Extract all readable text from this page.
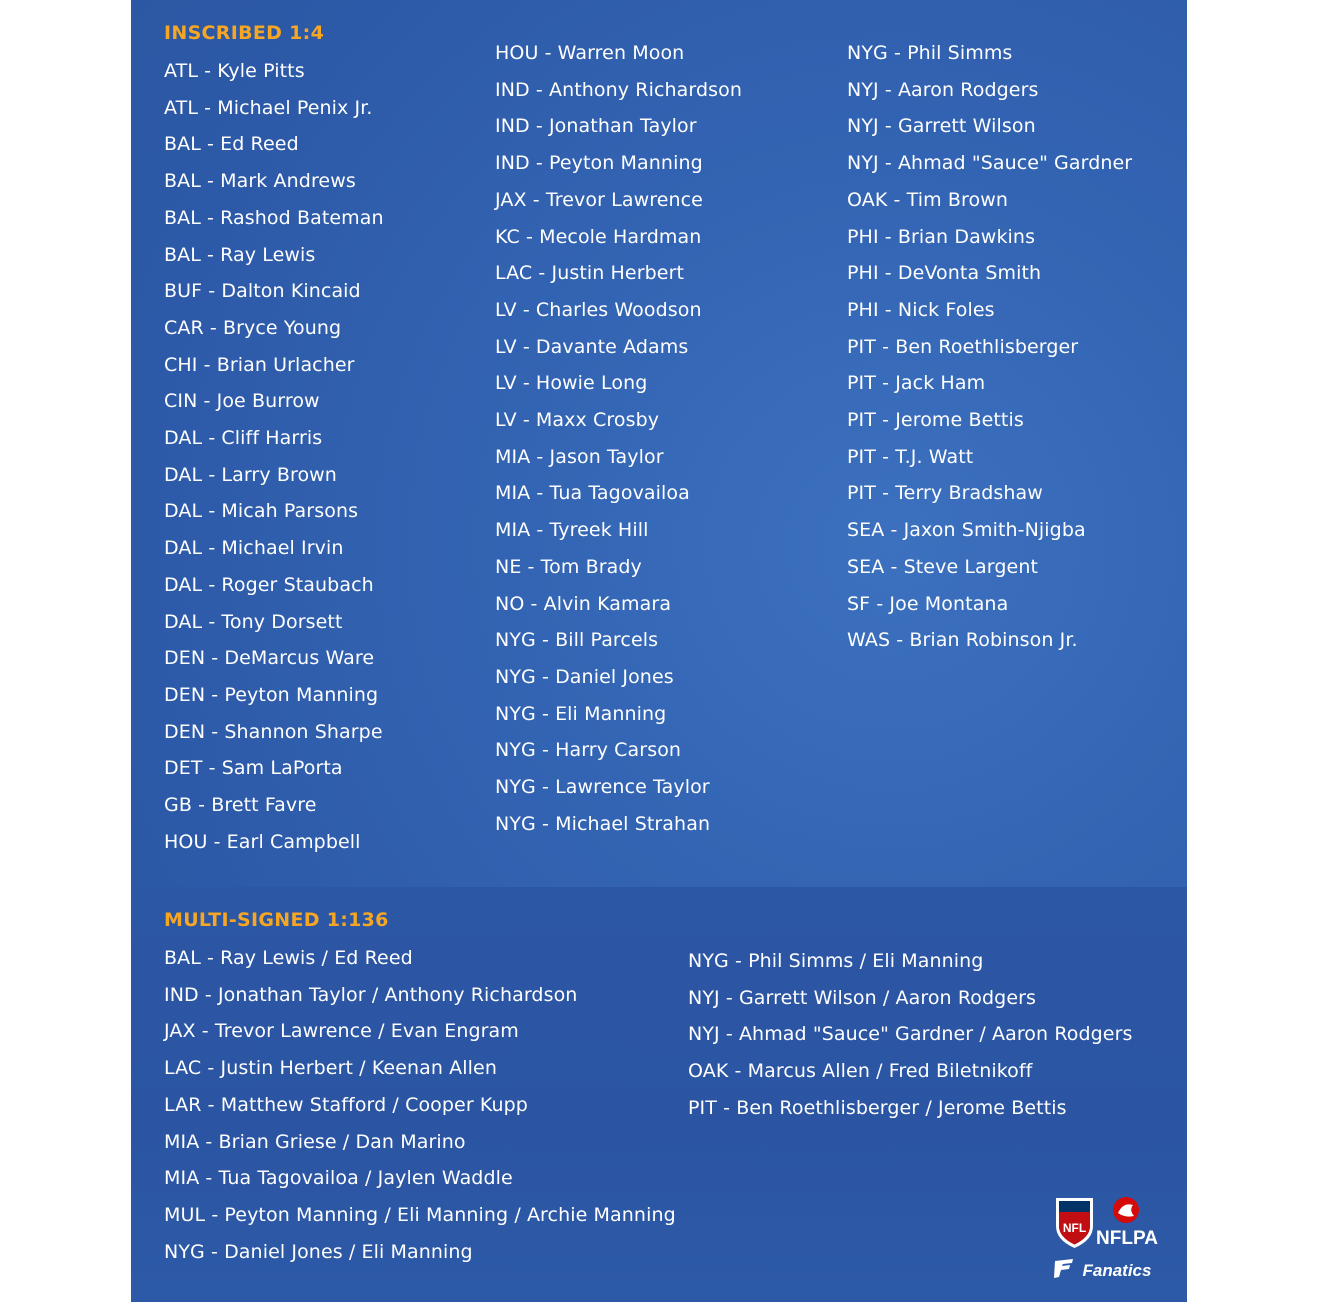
INSCRIBED 1:4
ATL - Kyle Pitts
ATL - Michael Penix Jr.
BAL - Ed Reed
BAL - Mark Andrews
BAL - Rashod Bateman
BAL - Ray Lewis
BUF - Dalton Kincaid
CAR - Bryce Young
CHI - Brian Urlacher
CIN - Joe Burrow
DAL - Cliff Harris
DAL - Larry Brown
DAL - Micah Parsons
DAL - Michael Irvin
DAL - Roger Staubach
DAL - Tony Dorsett
DEN - DeMarcus Ware
DEN - Peyton Manning
DEN - Shannon Sharpe
DET - Sam LaPorta
GB - Brett Favre
HOU - Earl Campbell
HOU - Warren Moon
IND - Anthony Richardson
IND - Jonathan Taylor
IND - Peyton Manning
JAX - Trevor Lawrence
KC - Mecole Hardman
LAC - Justin Herbert
LV - Charles Woodson
LV - Davante Adams
LV - Howie Long
LV - Maxx Crosby
MIA - Jason Taylor
MIA - Tua Tagovailoa
MIA - Tyreek Hill
NE - Tom Brady
NO - Alvin Kamara
NYG - Bill Parcels
NYG - Daniel Jones
NYG - Eli Manning
NYG - Harry Carson
NYG - Lawrence Taylor
NYG - Michael Strahan
NYG - Phil Simms
NYJ - Aaron Rodgers
NYJ - Garrett Wilson
NYJ - Ahmad "Sauce" Gardner
OAK - Tim Brown
PHI - Brian Dawkins
PHI - DeVonta Smith
PHI - Nick Foles
PIT - Ben Roethlisberger
PIT - Jack Ham
PIT - Jerome Bettis
PIT - T.J. Watt
PIT - Terry Bradshaw
SEA - Jaxon Smith-Njigba
SEA - Steve Largent
SF - Joe Montana
WAS - Brian Robinson Jr.
MULTI-SIGNED 1:136
BAL - Ray Lewis / Ed Reed
IND - Jonathan Taylor / Anthony Richardson
JAX - Trevor Lawrence / Evan Engram
LAC - Justin Herbert / Keenan Allen
LAR - Matthew Stafford / Cooper Kupp
MIA - Brian Griese / Dan Marino
MIA - Tua Tagovailoa / Jaylen Waddle
MUL - Peyton Manning / Eli Manning / Archie Manning
NYG - Daniel Jones / Eli Manning
NYG - Phil Simms / Eli Manning
NYJ - Garrett Wilson / Aaron Rodgers
NYJ - Ahmad "Sauce" Gardner / Aaron Rodgers
OAK - Marcus Allen / Fred Biletnikoff
PIT - Ben Roethlisberger / Jerome Bettis
NFL NFLPA
Fanatics
